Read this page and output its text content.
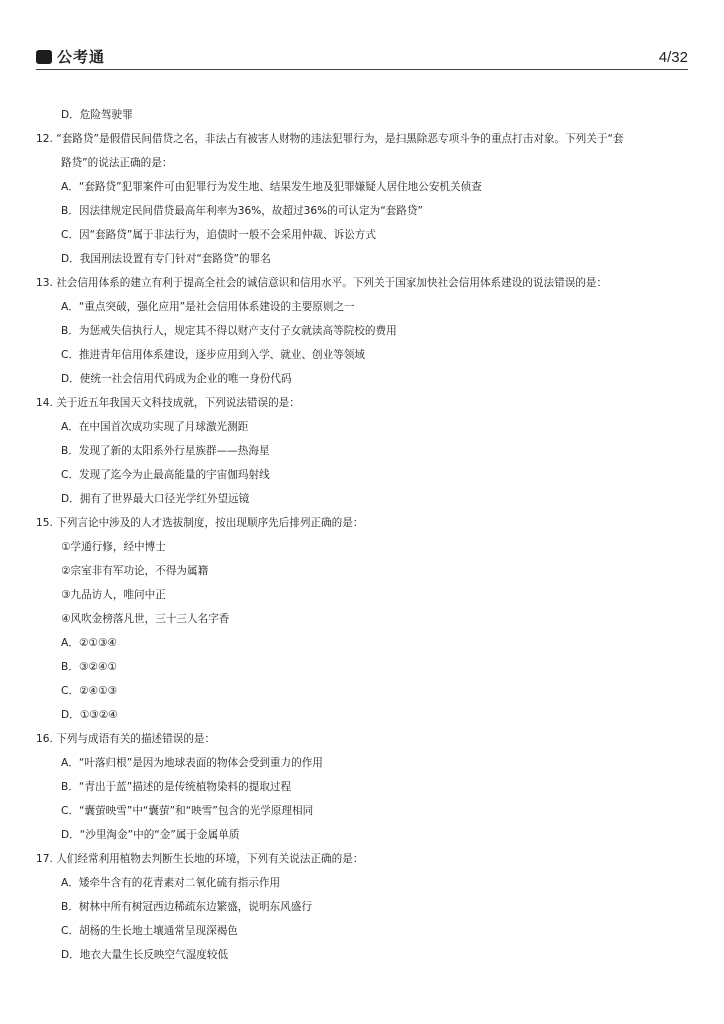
公考通	4/32
D．危险驾驶罪
12. “套路贷”是假借民间借贷之名，非法占有被害人财物的违法犯罪行为，是扫黑除恶专项斗争的重点打击对象。下列关于“套
路贷”的说法正确的是：
A．“套路贷”犯罪案件可由犯罪行为发生地、结果发生地及犯罪嫌疑人居住地公安机关侦查
B．因法律规定民间借贷最高年利率为36%，故超过36%的可认定为“套路贷”
C．因“套路贷”属于非法行为，追债时一般不会采用仲裁、诉讼方式
D．我国刑法设置有专门针对“套路贷”的罪名
13. 社会信用体系的建立有利于提高全社会的诚信意识和信用水平。下列关于国家加快社会信用体系建设的说法错误的是：
A．“重点突破，强化应用”是社会信用体系建设的主要原则之一
B．为惩戒失信执行人，规定其不得以财产支付子女就读高等院校的费用
C．推进青年信用体系建设，逐步应用到入学、就业、创业等领域
D．使统一社会信用代码成为企业的唯一身份代码
14. 关于近五年我国天文科技成就，下列说法错误的是：
A．在中国首次成功实现了月球激光测距
B．发现了新的太阳系外行星族群——热海星
C．发现了迄今为止最高能量的宇宙伽玛射线
D．拥有了世界最大口径光学红外望远镜
15. 下列言论中涉及的人才选拔制度，按出现顺序先后排列正确的是：
①学通行修，经中博士
②宗室非有军功论，不得为属籍
③九品访人，唯问中正
④风吹金榜落凡世，三十三人名字香
A．②①③④
B．③②④①
C．②④①③
D．①③②④
16. 下列与成语有关的描述错误的是：
A．“叶落归根”是因为地球表面的物体会受到重力的作用
B．“青出于蓝”描述的是传统植物染料的提取过程
C．“囊萤映雪”中“囊萤”和“映雪”包含的光学原理相同
D．“沙里淘金”中的“金”属于金属单质
17. 人们经常利用植物去判断生长地的环境，下列有关说法正确的是：
A．矮牵牛含有的花青素对二氧化硫有指示作用
B．树林中所有树冠西边稀疏东边繁盛，说明东风盛行
C．胡杨的生长地土壤通常呈现深褐色
D．地衣大量生长反映空气湿度较低
